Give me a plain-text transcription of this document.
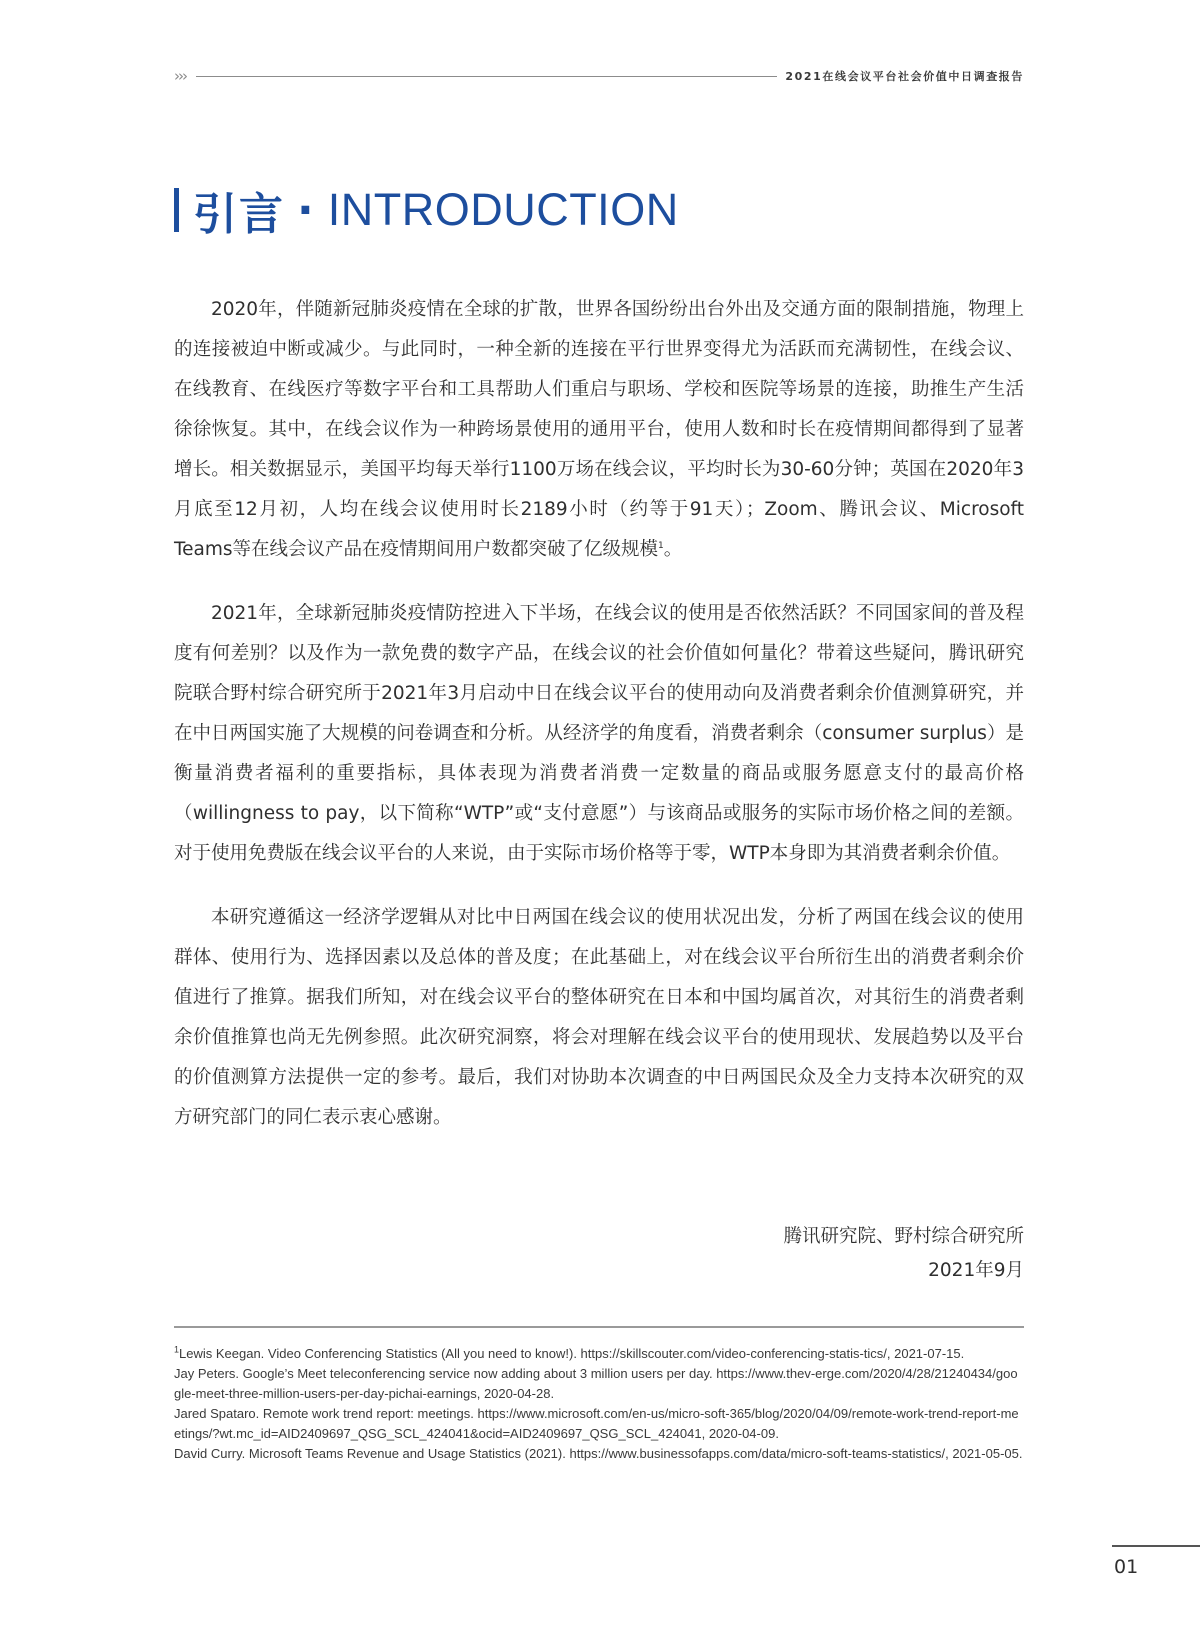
›››	2021在线会议平台社会价值中日调查报告
引言 · INTRODUCTION

2020年，伴随新冠肺炎疫情在全球的扩散，世界各国纷纷出台外出及交通方面的限制措施，物理上的连接被迫中断或减少。与此同时，一种全新的连接在平行世界变得尤为活跃而充满韧性，在线会议、在线教育、在线医疗等数字平台和工具帮助人们重启与职场、学校和医院等场景的连接，助推生产生活徐徐恢复。其中，在线会议作为一种跨场景使用的通用平台，使用人数和时长在疫情期间都得到了显著增长。相关数据显示，美国平均每天举行1100万场在线会议，平均时长为30-60分钟；英国在2020年3月底至12月初，人均在线会议使用时长2189小时（约等于91天）；Zoom、腾讯会议、Microsoft Teams等在线会议产品在疫情期间用户数都突破了亿级规模$^1$。

2021年，全球新冠肺炎疫情防控进入下半场，在线会议的使用是否依然活跃？不同国家间的普及程度有何差别？以及作为一款免费的数字产品，在线会议的社会价值如何量化？带着这些疑问，腾讯研究院联合野村综合研究所于2021年3月启动中日在线会议平台的使用动向及消费者剩余价值测算研究，并在中日两国实施了大规模的问卷调查和分析。从经济学的角度看，消费者剩余（consumer surplus）是衡量消费者福利的重要指标，具体表现为消费者消费一定数量的商品或服务愿意支付的最高价格（willingness to pay，以下简称“WTP”或“支付意愿”）与该商品或服务的实际市场价格之间的差额。对于使用免费版在线会议平台的人来说，由于实际市场价格等于零，WTP本身即为其消费者剩余价值。

本研究遵循这一经济学逻辑从对比中日两国在线会议的使用状况出发，分析了两国在线会议的使用群体、使用行为、选择因素以及总体的普及度；在此基础上，对在线会议平台所衍生出的消费者剩余价值进行了推算。据我们所知，对在线会议平台的整体研究在日本和中国均属首次，对其衍生的消费者剩余价值推算也尚无先例参照。此次研究洞察，将会对理解在线会议平台的使用现状、发展趋势以及平台的价值测算方法提供一定的参考。最后，我们对协助本次调查的中日两国民众及全力支持本次研究的双方研究部门的同仁表示衷心感谢。

腾讯研究院、野村综合研究所
2021年9月

$^1$Lewis Keegan. Video Conferencing Statistics (All you need to know!). https://skillscouter.com/video-conferencing-statis-tics/, 2021-07-15.

Jay Peters. Google’s Meet teleconferencing service now adding about 3 million users per day. https://www.thev-erge.com/2020/4/28/21240434/google-meet-three-million-users-per-day-pichai-earnings, 2020-04-28.

Jared Spataro. Remote work trend report: meetings. https://www.microsoft.com/en-us/micro-soft-365/blog/2020/04/09/remote-work-trend-report-meetings/?wt.mc_id=AID2409697_QSG_SCL_424041&ocid=AID2409697_QSG_SCL_424041, 2020-04-09.

David Curry. Microsoft Teams Revenue and Usage Statistics (2021). https://www.businessofapps.com/data/micro-soft-teams-statistics/, 2021-05-05.

01
